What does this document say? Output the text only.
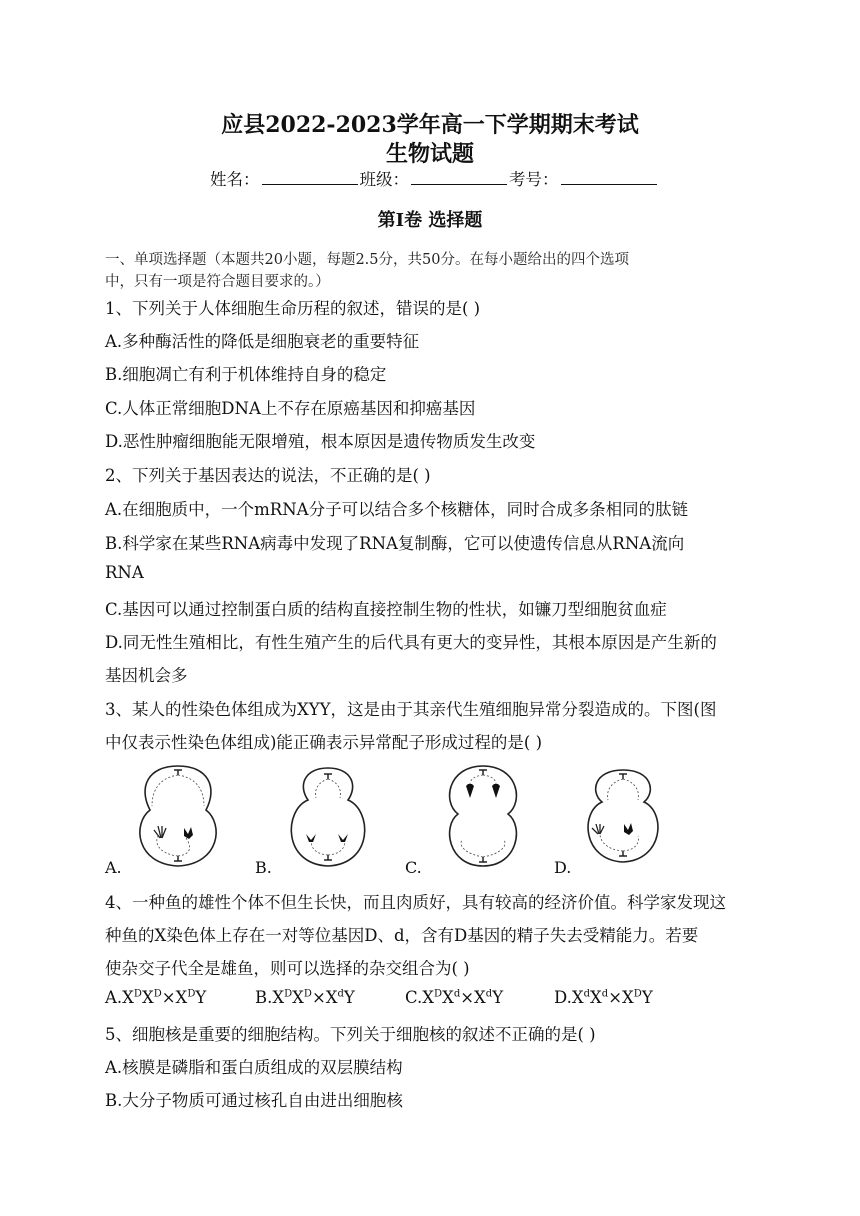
应县2022-2023学年高一下学期期末考试
生物试题
姓名：	班级：	考号：
第Ⅰ卷 选择题
一、单项选择题（本题共20小题，每题2.5分，共50分。在每小题给出的四个选项
中，只有一项是符合题目要求的。）
1、下列关于人体细胞生命历程的叙述，错误的是( )
A.多种酶活性的降低是细胞衰老的重要特征
B.细胞凋亡有利于机体维持自身的稳定
C.人体正常细胞DNA上不存在原癌基因和抑癌基因
D.恶性肿瘤细胞能无限增殖，根本原因是遗传物质发生改变
2、下列关于基因表达的说法，不正确的是( )
A.在细胞质中，一个mRNA分子可以结合多个核糖体，同时合成多条相同的肽链
B.科学家在某些RNA病毒中发现了RNA复制酶，它可以使遗传信息从RNA流向
RNA
C.基因可以通过控制蛋白质的结构直接控制生物的性状，如镰刀型细胞贫血症
D.同无性生殖相比，有性生殖产生的后代具有更大的变异性，其根本原因是产生新的
基因机会多
3、某人的性染色体组成为XYY，这是由于其亲代生殖细胞异常分裂造成的。下图(图
中仅表示性染色体组成)能正确表示异常配子形成过程的是( )
A.	B.	C.	D.
4、一种鱼的雄性个体不但生长快，而且肉质好，具有较高的经济价值。科学家发现这
种鱼的X染色体上存在一对等位基因D、d，含有D基因的精子失去受精能力。若要
使杂交子代全是雄鱼，则可以选择的杂交组合为( )
$A.X^DX^D\times X^DY$	$B.X^DX^D\times X^dY$	$C.X^DX^d\times X^dY$	$D.X^dX^d\times X^DY$
5、细胞核是重要的细胞结构。下列关于细胞核的叙述不正确的是( )
A.核膜是磷脂和蛋白质组成的双层膜结构
B.大分子物质可通过核孔自由进出细胞核
